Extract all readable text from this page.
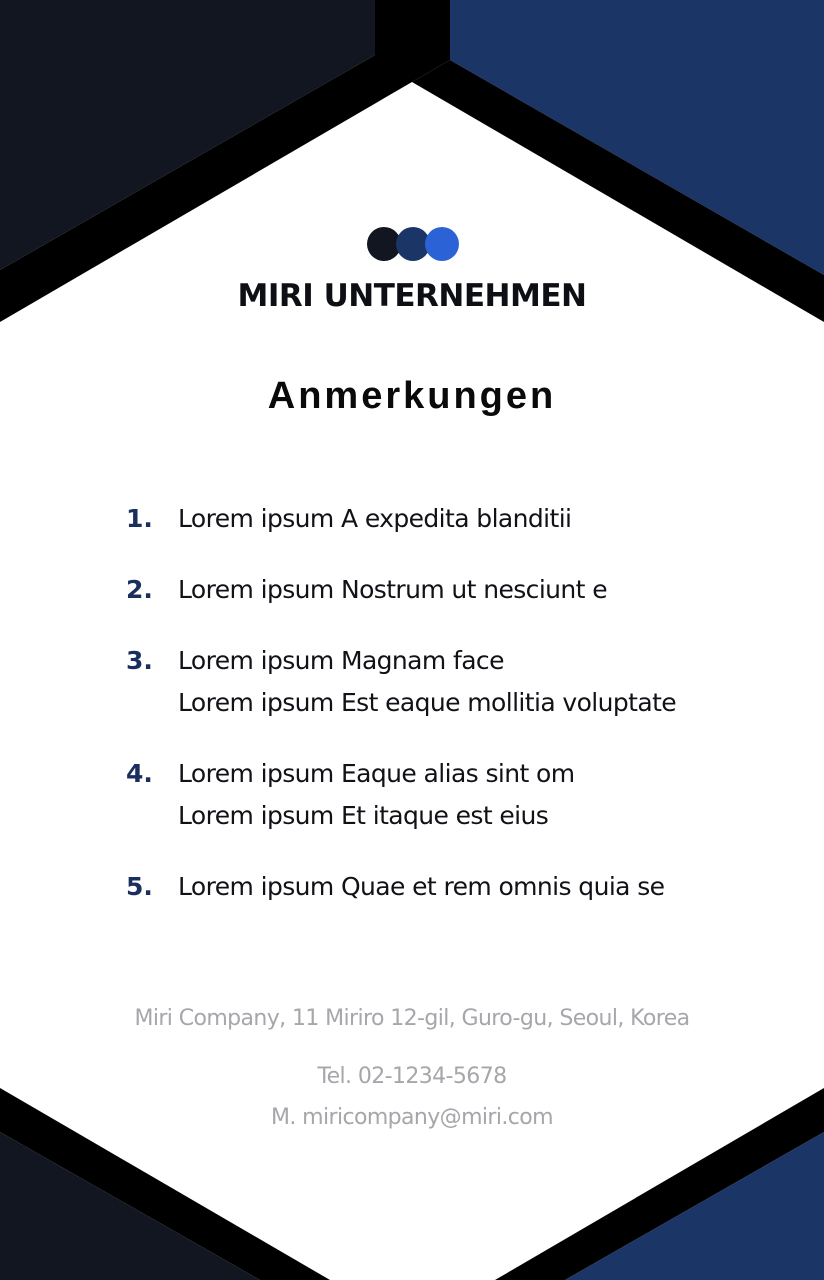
MIRI UNTERNEHMEN
Anmerkungen
1.	Lorem ipsum A expedita blanditii
2.	Lorem ipsum Nostrum ut nesciunt e
3.	Lorem ipsum Magnam face
Lorem ipsum Est eaque mollitia voluptate
4.	Lorem ipsum Eaque alias sint om
Lorem ipsum Et itaque est eius
5.	Lorem ipsum Quae et rem omnis quia se
Miri Company, 11 Miriro 12-gil, Guro-gu, Seoul, Korea
Tel. 02-1234-5678
M. miricompany@miri.com
